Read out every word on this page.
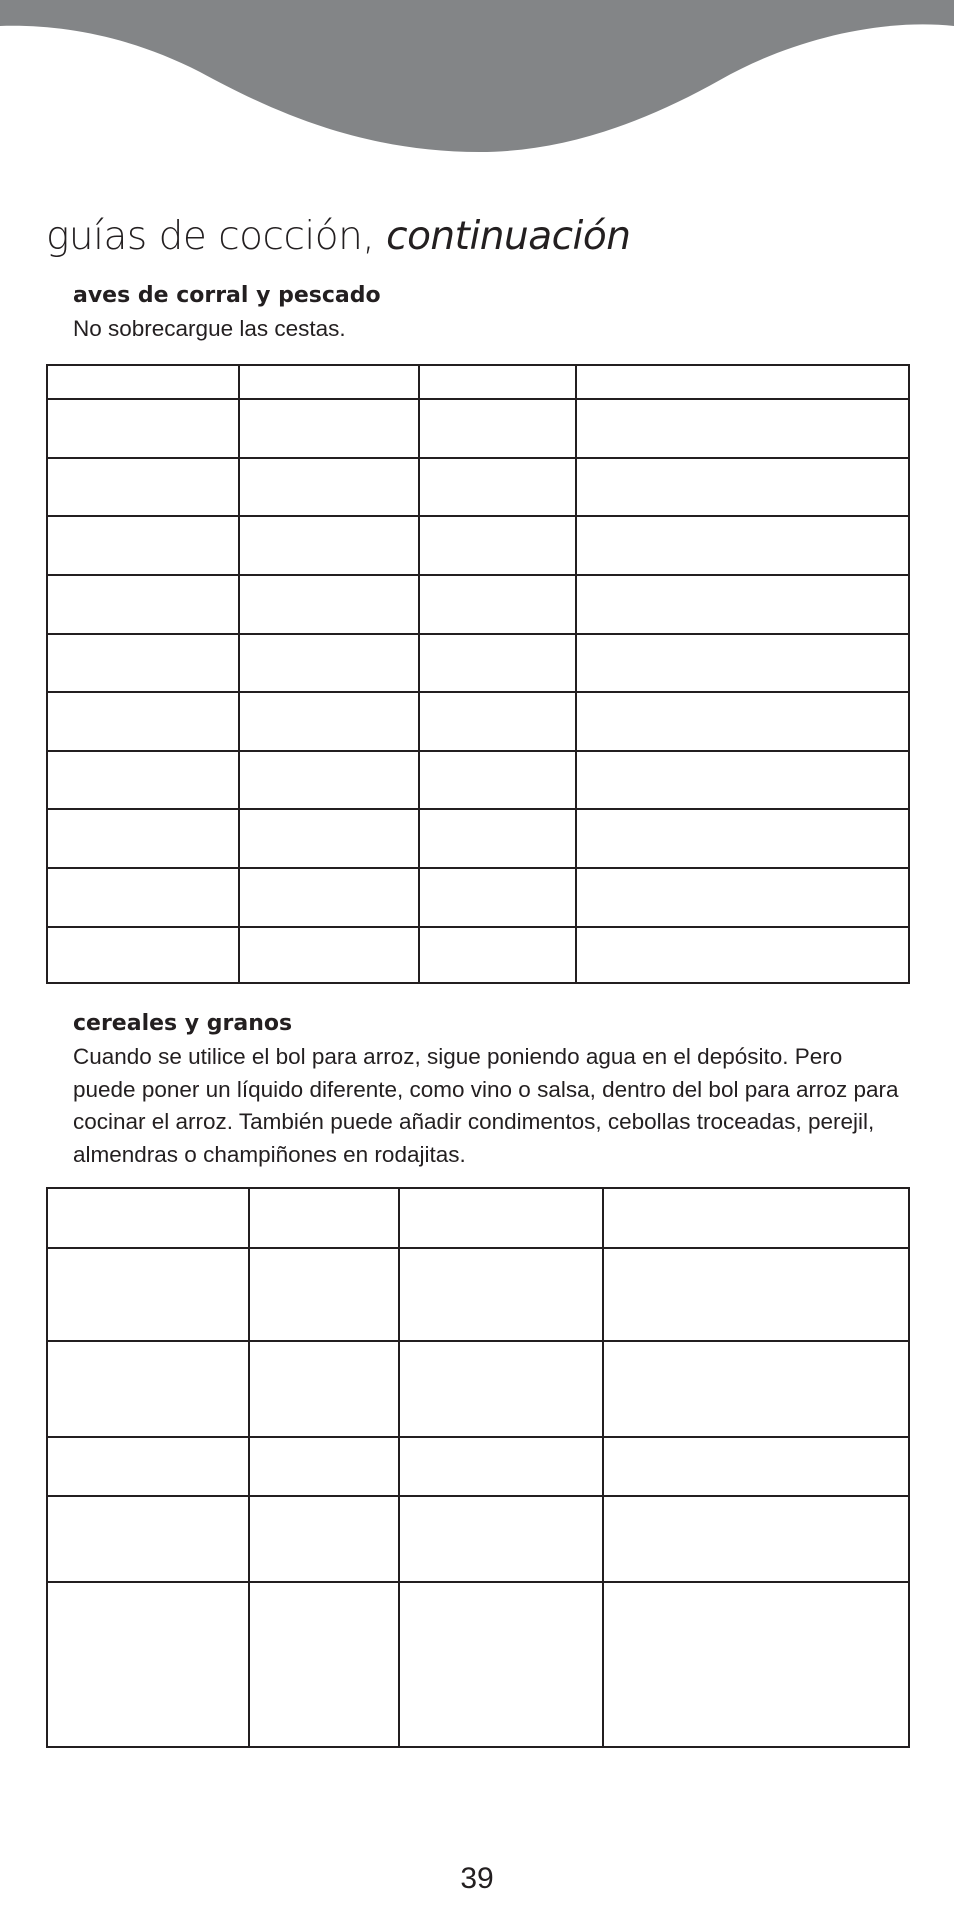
guías de cocción, continuación
aves de corral y pescado
No sobrecargue las cestas.
cereales y granos
Cuando se utilice el bol para arroz, sigue poniendo agua en el depósito. Pero puede poner un líquido diferente, como vino o salsa, dentro del bol para arroz para cocinar el arroz. También puede añadir condimentos, cebollas troceadas, perejil, almendras o champiñones en rodajitas.
39
